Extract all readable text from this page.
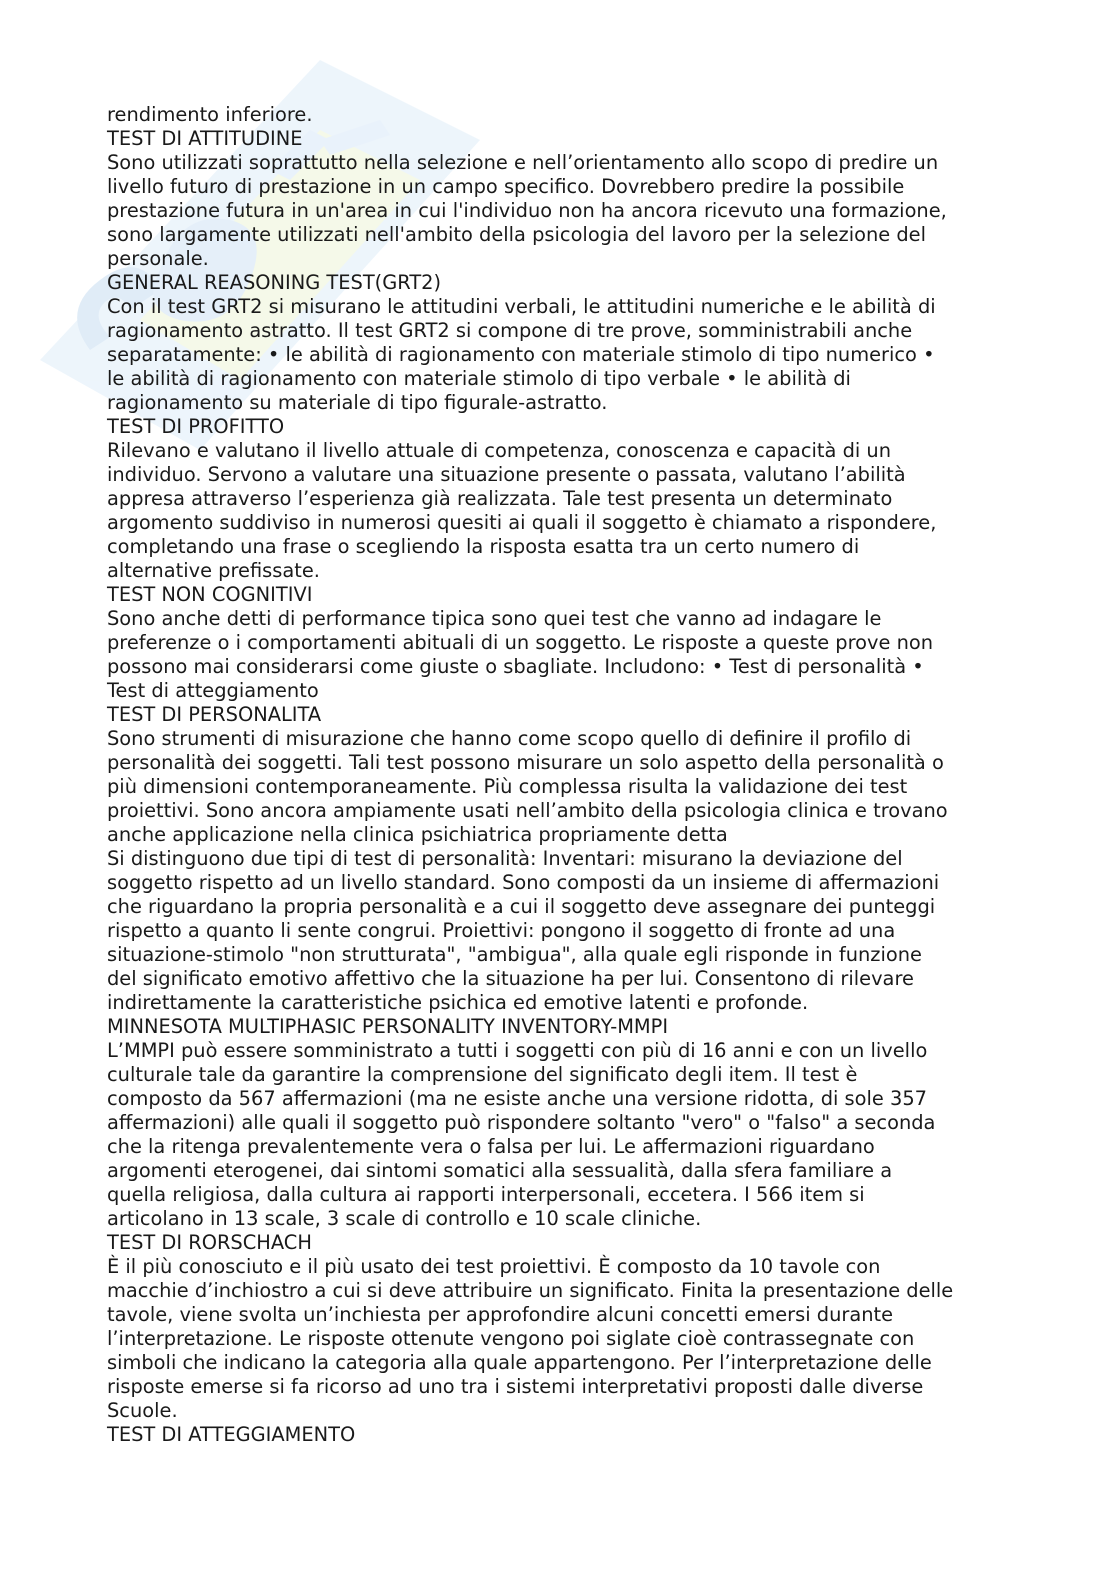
rendimento inferiore.

TEST DI ATTITUDINE

Sono utilizzati soprattutto nella selezione e nell’orientamento allo scopo di predire un

livello futuro di prestazione in un campo specifico. Dovrebbero predire la possibile

prestazione futura in un'area in cui l'individuo non ha ancora ricevuto una formazione,

sono largamente utilizzati nell'ambito della psicologia del lavoro per la selezione del

personale.

GENERAL REASONING TEST(GRT2)

Con il test GRT2 si misurano le attitudini verbali, le attitudini numeriche e le abilità di

ragionamento astratto. Il test GRT2 si compone di tre prove, somministrabili anche

separatamente: • le abilità di ragionamento con materiale stimolo di tipo numerico •

le abilità di ragionamento con materiale stimolo di tipo verbale • le abilità di

ragionamento su materiale di tipo figurale-astratto.

TEST DI PROFITTO

Rilevano e valutano il livello attuale di competenza, conoscenza e capacità di un

individuo. Servono a valutare una situazione presente o passata, valutano l’abilità

appresa attraverso l’esperienza già realizzata. Tale test presenta un determinato

argomento suddiviso in numerosi quesiti ai quali il soggetto è chiamato a rispondere,

completando una frase o scegliendo la risposta esatta tra un certo numero di

alternative prefissate.

TEST NON COGNITIVI

Sono anche detti di performance tipica sono quei test che vanno ad indagare le

preferenze o i comportamenti abituali di un soggetto. Le risposte a queste prove non

possono mai considerarsi come giuste o sbagliate. Includono: • Test di personalità •

Test di atteggiamento

TEST DI PERSONALITA

Sono strumenti di misurazione che hanno come scopo quello di definire il profilo di

personalità dei soggetti. Tali test possono misurare un solo aspetto della personalità o

più dimensioni contemporaneamente. Più complessa risulta la validazione dei test

proiettivi. Sono ancora ampiamente usati nell’ambito della psicologia clinica e trovano

anche applicazione nella clinica psichiatrica propriamente detta

Si distinguono due tipi di test di personalità: Inventari: misurano la deviazione del

soggetto rispetto ad un livello standard. Sono composti da un insieme di affermazioni

che riguardano la propria personalità e a cui il soggetto deve assegnare dei punteggi

rispetto a quanto li sente congrui. Proiettivi: pongono il soggetto di fronte ad una

situazione-stimolo "non strutturata", "ambigua", alla quale egli risponde in funzione

del significato emotivo affettivo che la situazione ha per lui. Consentono di rilevare

indirettamente la caratteristiche psichica ed emotive latenti e profonde.

MINNESOTA MULTIPHASIC PERSONALITY INVENTORY-MMPI

L’MMPI può essere somministrato a tutti i soggetti con più di 16 anni e con un livello

culturale tale da garantire la comprensione del significato degli item. Il test è

composto da 567 affermazioni (ma ne esiste anche una versione ridotta, di sole 357

affermazioni) alle quali il soggetto può rispondere soltanto "vero" o "falso" a seconda

che la ritenga prevalentemente vera o falsa per lui. Le affermazioni riguardano

argomenti eterogenei, dai sintomi somatici alla sessualità, dalla sfera familiare a

quella religiosa, dalla cultura ai rapporti interpersonali, eccetera. I 566 item si

articolano in 13 scale, 3 scale di controllo e 10 scale cliniche.

TEST DI RORSCHACH

È il più conosciuto e il più usato dei test proiettivi. È composto da 10 tavole con

macchie d’inchiostro a cui si deve attribuire un significato. Finita la presentazione delle

tavole, viene svolta un’inchiesta per approfondire alcuni concetti emersi durante

l’interpretazione. Le risposte ottenute vengono poi siglate cioè contrassegnate con

simboli che indicano la categoria alla quale appartengono. Per l’interpretazione delle

risposte emerse si fa ricorso ad uno tra i sistemi interpretativi proposti dalle diverse

Scuole.

TEST DI ATTEGGIAMENTO
